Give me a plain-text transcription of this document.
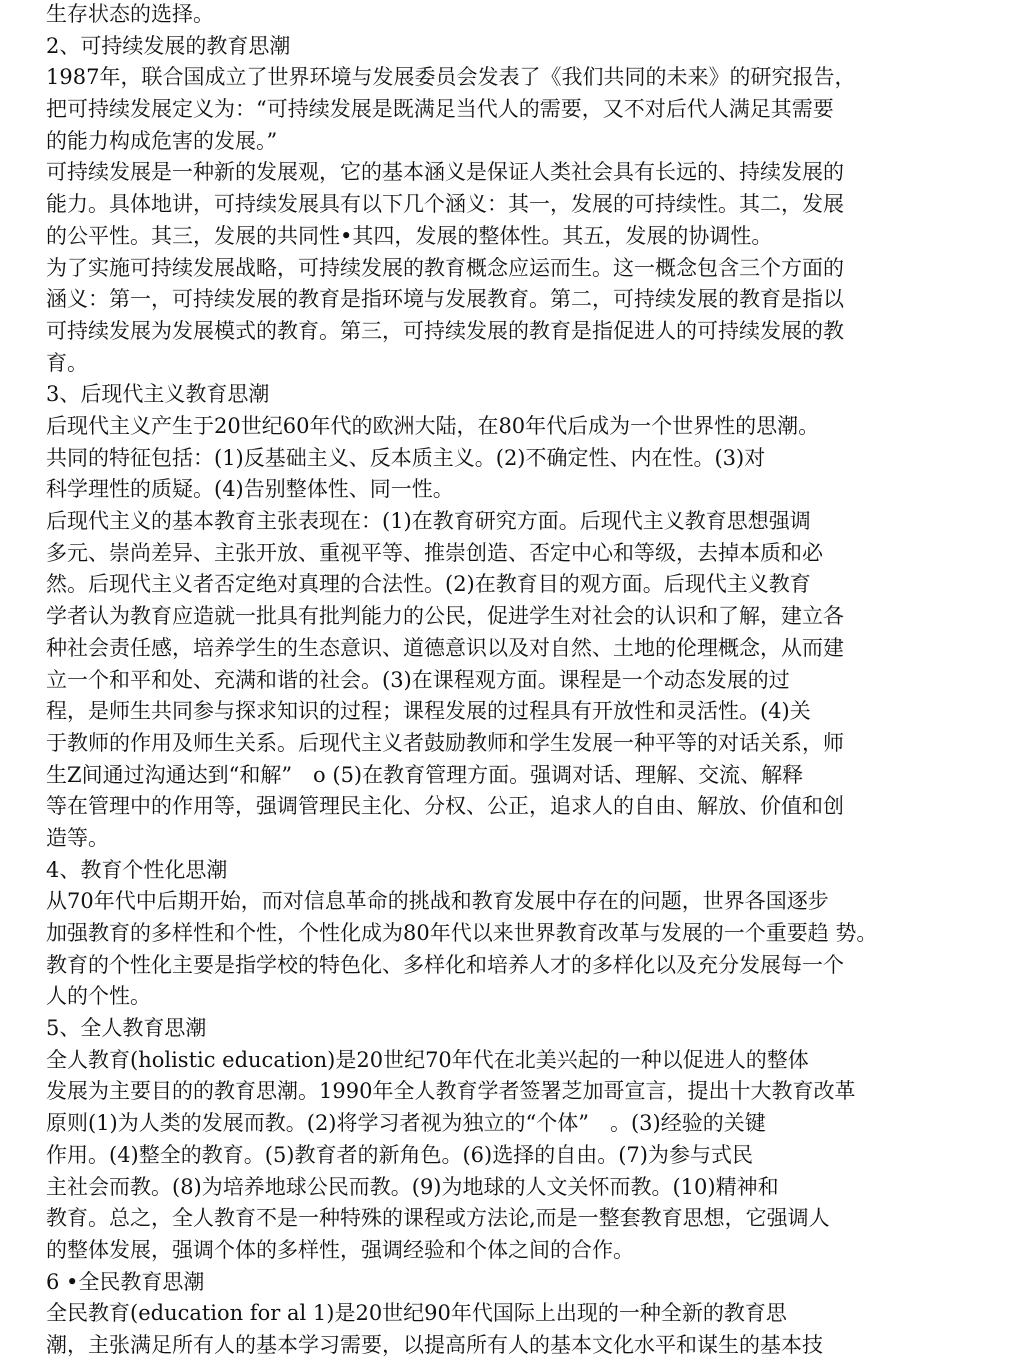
生存状态的选择。
2、可持续发展的教育思潮
1987年，联合国成立了世界环境与发展委员会发表了《我们共同的未来》的研究报告，
把可持续发展定义为：“可持续发展是既满足当代人的需要，又不对后代人满足其需要
的能力构成危害的发展。”
可持续发展是一种新的发展观，它的基本涵义是保证人类社会具有长远的、持续发展的
能力。具体地讲，可持续发展具有以下几个涵义：其一，发展的可持续性。其二，发展
的公平性。其三，发展的共同性•其四，发展的整体性。其五，发展的协调性。
为了实施可持续发展战略，可持续发展的教育概念应运而生。这一概念包含三个方面的
涵义：第一，可持续发展的教育是指环境与发展教育。第二，可持续发展的教育是指以
可持续发展为发展模式的教育。第三，可持续发展的教育是指促进人的可持续发展的教
育。
3、后现代主义教育思潮
后现代主义产生于20世纪60年代的欧洲大陆，在80年代后成为一个世界性的思潮。
共同的特征包括：(1)反基础主义、反本质主义。(2)不确定性、内在性。(3)对
科学理性的质疑。(4)告别整体性、同一性。
后现代主义的基本教育主张表现在：(1)在教育研究方面。后现代主义教育思想强调
多元、崇尚差异、主张开放、重视平等、推崇创造、否定中心和等级，去掉本质和必
然。后现代主义者否定绝对真理的合法性。(2)在教育目的观方面。后现代主义教育
学者认为教育应造就一批具有批判能力的公民，促进学生对社会的认识和了解，建立各
种社会责任感，培养学生的生态意识、道德意识以及对自然、土地的伦理概念，从而建
立一个和平和处、充满和谐的社会。(3)在课程观方面。课程是一个动态发展的过
程，是师生共同参与探求知识的过程；课程发展的过程具有开放性和灵活性。(4)关
于教师的作用及师生关系。后现代主义者鼓励教师和学生发展一种平等的对话关系，师
生Z间通过沟通达到“和解”　o (5)在教育管理方面。强调对话、理解、交流、解释
等在管理中的作用等，强调管理民主化、分权、公正，追求人的自由、解放、价值和创
造等。
4、教育个性化思潮
从70年代中后期开始，而对信息革命的挑战和教育发展中存在的问题，世界各国逐步
加强教育的多样性和个性，个性化成为80年代以来世界教育改革与发展的一个重要趋 势。
教育的个性化主要是指学校的特色化、多样化和培养人才的多样化以及充分发展每一个
人的个性。
5、全人教育思潮
全人教育(holistic education)是20世纪70年代在北美兴起的一种以促进人的整体
发展为主要目的的教育思潮。1990年全人教育学者签署芝加哥宣言，提出十大教育改革
原则(1)为人类的发展而教。(2)将学习者视为独立的“个体”　。(3)经验的关键
作用。(4)整全的教育。(5)教育者的新角色。(6)选择的自由。(7)为参与式民
主社会而教。(8)为培养地球公民而教。(9)为地球的人文关怀而教。(10)精神和
教育。总之，全人教育不是一种特殊的课程或方法论,而是一整套教育思想，它强调人
的整体发展，强调个体的多样性，强调经验和个体之间的合作。
6 •全民教育思潮
全民教育(education for al 1)是20世纪90年代国际上出现的一种全新的教育思
潮，主张满足所有人的基本学习需要，以提高所有人的基本文化水平和谋生的基本技
